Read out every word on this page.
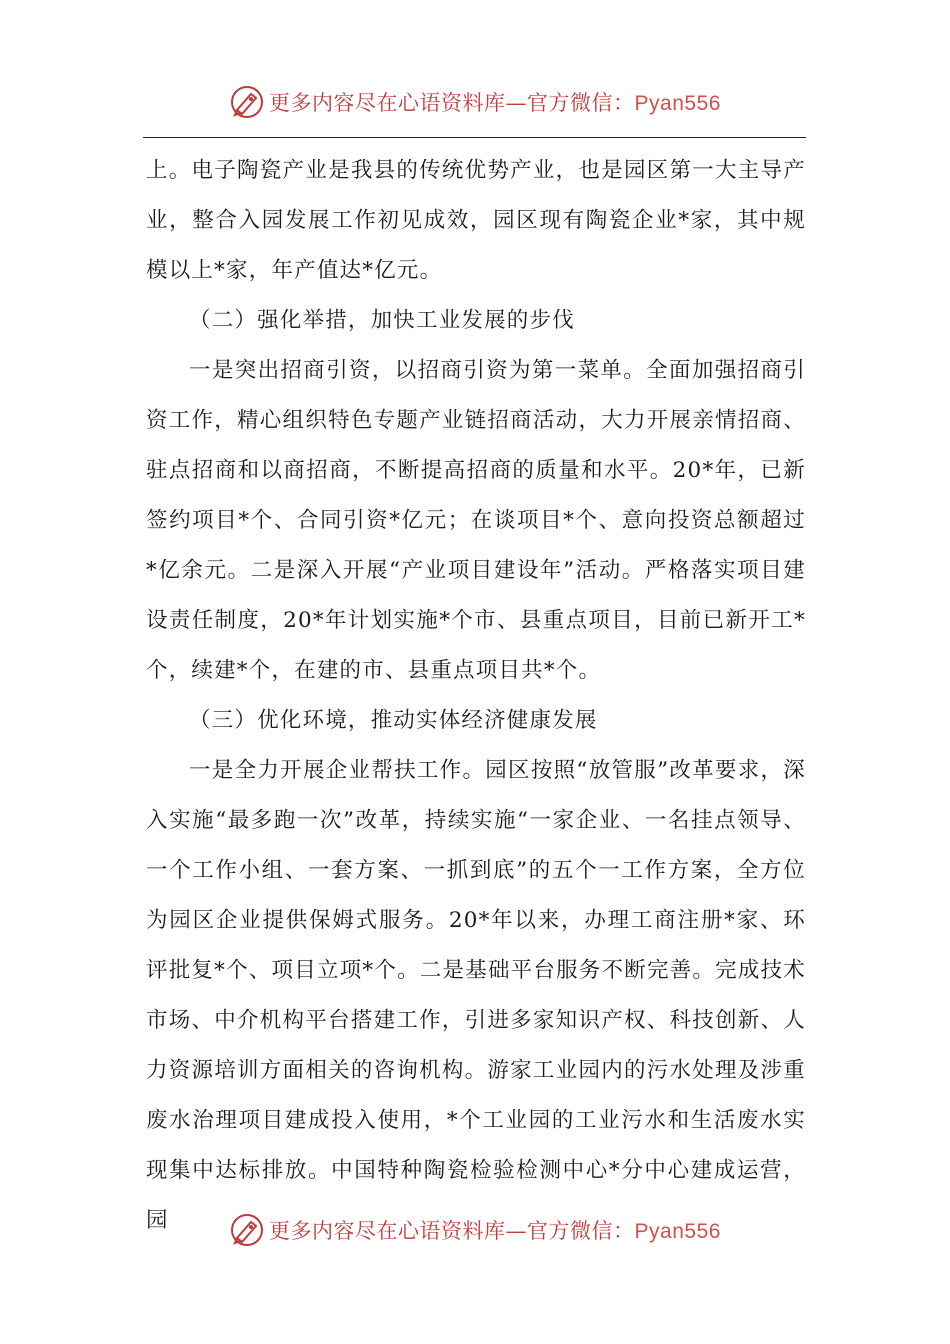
更多内容尽在心语资料库—官方微信：Pyan556

上。电子陶瓷产业是我县的传统优势产业，也是园区第一大主导产业，整合入园发展工作初见成效，园区现有陶瓷企业*家，其中规模以上*家，年产值达*亿元。

（二）强化举措，加快工业发展的步伐

一是突出招商引资，以招商引资为第一菜单。全面加强招商引资工作，精心组织特色专题产业链招商活动，大力开展亲情招商、驻点招商和以商招商，不断提高招商的质量和水平。20*年，已新签约项目*个、合同引资*亿元；在谈项目*个、意向投资总额超过*亿余元。二是深入开展“产业项目建设年”活动。严格落实项目建设责任制度，20*年计划实施*个市、县重点项目，目前已新开工*个，续建*个，在建的市、县重点项目共*个。

（三）优化环境，推动实体经济健康发展

一是全力开展企业帮扶工作。园区按照“放管服”改革要求，深入实施“最多跑一次”改革，持续实施“一家企业、一名挂点领导、一个工作小组、一套方案、一抓到底”的五个一工作方案，全方位为园区企业提供保姆式服务。20*年以来，办理工商注册*家、环评批复*个、项目立项*个。二是基础平台服务不断完善。完成技术市场、中介机构平台搭建工作，引进多家知识产权、科技创新、人力资源培训方面相关的咨询机构。游家工业园内的污水处理及涉重废水治理项目建成投入使用，*个工业园的工业污水和生活废水实现集中达标排放。中国特种陶瓷检验检测中心*分中心建成运营，园	更多内容尽在心语资料库—官方微信：Pyan556
